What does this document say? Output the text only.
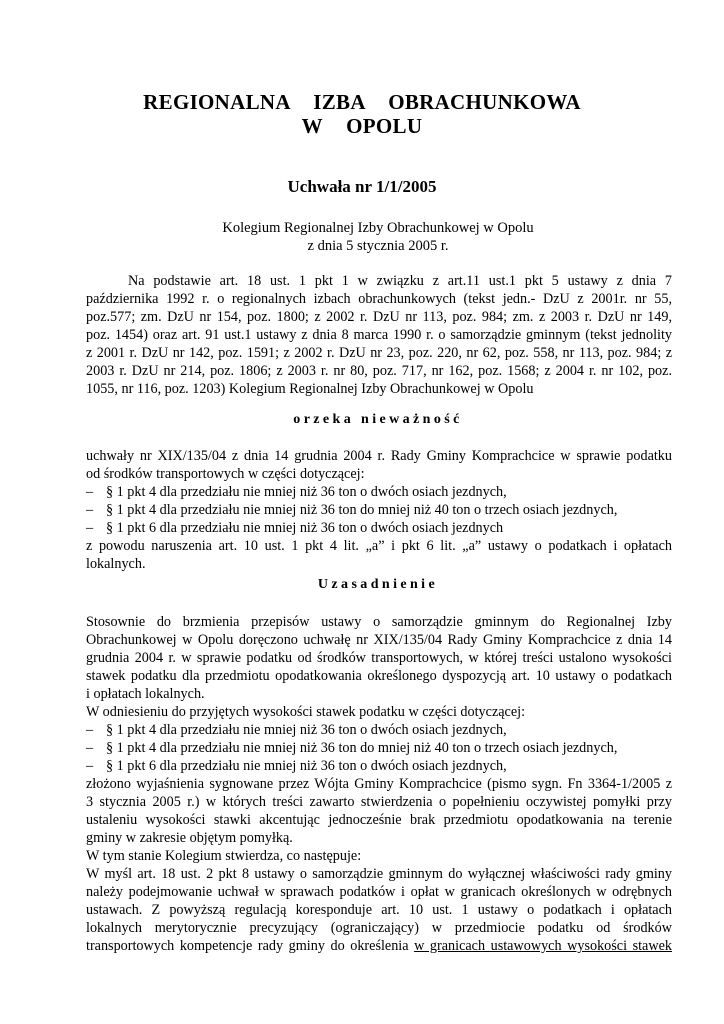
REGIONALNA IZBA OBRACHUNKOWA
W OPOLU
Uchwała nr 1/1/2005
Kolegium Regionalnej Izby Obrachunkowej w Opolu
z dnia 5 stycznia 2005 r.

Na podstawie art. 18 ust. 1 pkt 1 w związku z art.11 ust.1 pkt 5 ustawy z dnia 7

października 1992 r. o regionalnych izbach obrachunkowych (tekst jedn.- DzU z 2001r. nr 55,

poz.577; zm. DzU nr 154, poz. 1800; z 2002 r. DzU nr 113, poz. 984; zm. z 2003 r. DzU nr 149,

poz. 1454) oraz art. 91 ust.1 ustawy z dnia 8 marca 1990 r. o samorządzie gminnym (tekst jednolity

z 2001 r. DzU nr 142, poz. 1591; z 2002 r. DzU nr 23, poz. 220, nr 62, poz. 558, nr 113, poz. 984; z

2003 r. DzU nr 214, poz. 1806; z 2003 r. nr 80, poz. 717, nr 162, poz. 1568; z 2004 r. nr 102, poz.

1055, nr 116, poz. 1203) Kolegium Regionalnej Izby Obrachunkowej w Opolu

orzeka nieważność

uchwały nr XIX/135/04 z dnia 14 grudnia 2004 r. Rady Gminy Komprachcice w sprawie podatku

od środków transportowych w części dotyczącej:

– § 1 pkt 4 dla przedziału nie mniej niż 36 ton o dwóch osiach jezdnych,

– § 1 pkt 4 dla przedziału nie mniej niż 36 ton do mniej niż 40 ton o trzech osiach jezdnych,

– § 1 pkt 6 dla przedziału nie mniej niż 36 ton o dwóch osiach jezdnych

z powodu naruszenia art. 10 ust. 1 pkt 4 lit. „a” i pkt 6 lit. „a” ustawy o podatkach i opłatach

lokalnych.

Uzasadnienie

Stosownie do brzmienia przepisów ustawy o samorządzie gminnym do Regionalnej Izby

Obrachunkowej w Opolu doręczono uchwałę nr XIX/135/04 Rady Gminy Komprachcice z dnia 14

grudnia 2004 r. w sprawie podatku od środków transportowych, w której treści ustalono wysokości

stawek podatku dla przedmiotu opodatkowania określonego dyspozycją art. 10 ustawy o podatkach

i opłatach lokalnych.

W odniesieniu do przyjętych wysokości stawek podatku w części dotyczącej:

– § 1 pkt 4 dla przedziału nie mniej niż 36 ton o dwóch osiach jezdnych,

– § 1 pkt 4 dla przedziału nie mniej niż 36 ton do mniej niż 40 ton o trzech osiach jezdnych,

– § 1 pkt 6 dla przedziału nie mniej niż 36 ton o dwóch osiach jezdnych,

złożono wyjaśnienia sygnowane przez Wójta Gminy Komprachcice (pismo sygn. Fn 3364-1/2005 z

3 stycznia 2005 r.) w których treści zawarto stwierdzenia o popełnieniu oczywistej pomyłki przy

ustaleniu wysokości stawki akcentując jednocześnie brak przedmiotu opodatkowania na terenie

gminy w zakresie objętym pomyłką.

W tym stanie Kolegium stwierdza, co następuje:

W myśl art. 18 ust. 2 pkt 8 ustawy o samorządzie gminnym do wyłącznej właściwości rady gminy

należy podejmowanie uchwał w sprawach podatków i opłat w granicach określonych w odrębnych

ustawach. Z powyższą regulacją koresponduje art. 10 ust. 1 ustawy o podatkach i opłatach

lokalnych merytorycznie precyzujący (ograniczający) w przedmiocie podatku od środków

transportowych kompetencje rady gminy do określenia w granicach ustawowych wysokości stawek
